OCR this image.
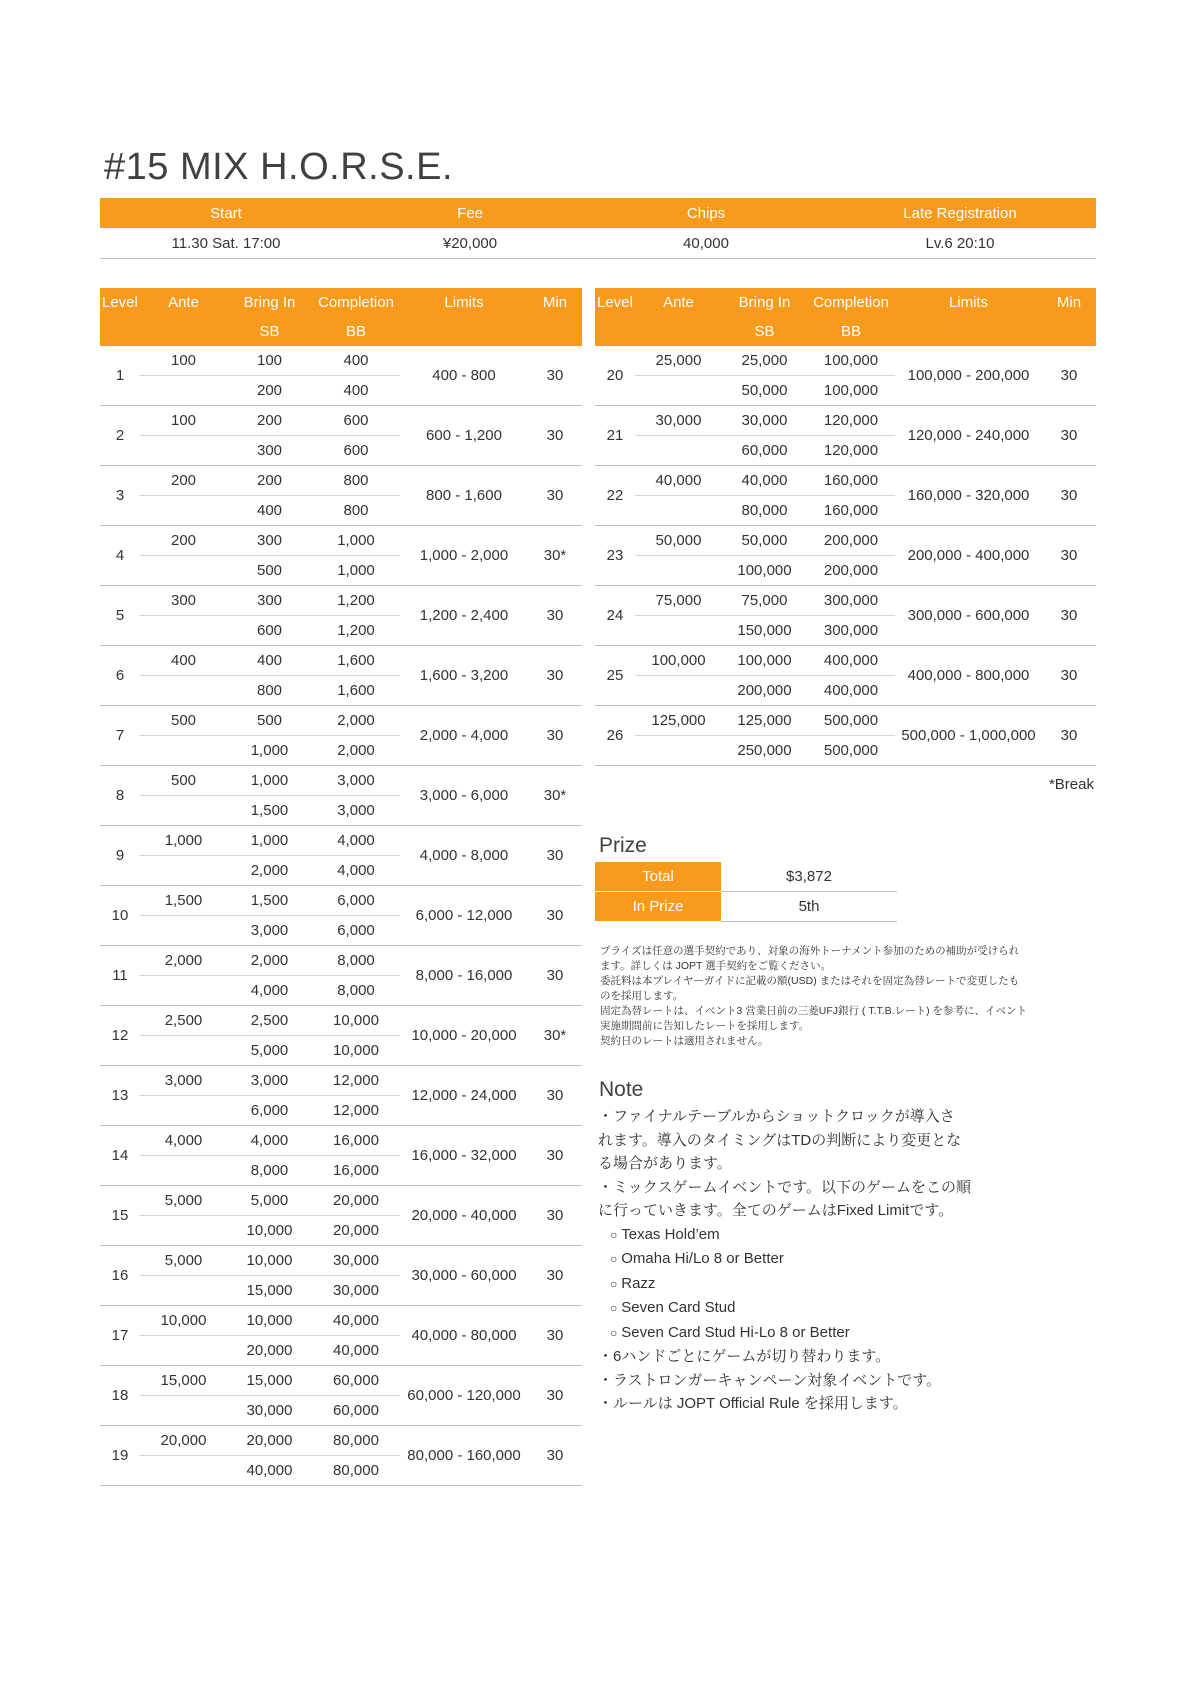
#15 MIX H.O.R.S.E.
Start	Fee	Chips	Late Registration
11.30 Sat. 17:00	¥20,000	40,000	Lv.6 20:10
Level	Ante	Bring In	Completion	Limits	Min
		SB	BB		
1	100	100	400	400 - 800	30
		200	400		
2	100	200	600	600 - 1,200	30
		300	600		
3	200	200	800	800 - 1,600	30
		400	800		
4	200	300	1,000	1,000 - 2,000	30*
		500	1,000		
5	300	300	1,200	1,200 - 2,400	30
		600	1,200		
6	400	400	1,600	1,600 - 3,200	30
		800	1,600		
7	500	500	2,000	2,000 - 4,000	30
		1,000	2,000		
8	500	1,000	3,000	3,000 - 6,000	30*
		1,500	3,000		
9	1,000	1,000	4,000	4,000 - 8,000	30
		2,000	4,000		
10	1,500	1,500	6,000	6,000 - 12,000	30
		3,000	6,000		
11	2,000	2,000	8,000	8,000 - 16,000	30
		4,000	8,000		
12	2,500	2,500	10,000	10,000 - 20,000	30*
		5,000	10,000		
13	3,000	3,000	12,000	12,000 - 24,000	30
		6,000	12,000		
14	4,000	4,000	16,000	16,000 - 32,000	30
		8,000	16,000		
15	5,000	5,000	20,000	20,000 - 40,000	30
		10,000	20,000		
16	5,000	10,000	30,000	30,000 - 60,000	30
		15,000	30,000		
17	10,000	10,000	40,000	40,000 - 80,000	30
		20,000	40,000		
18	15,000	15,000	60,000	60,000 - 120,000	30
		30,000	60,000		
19	20,000	20,000	80,000	80,000 - 160,000	30
		40,000	80,000		
Level	Ante	Bring In	Completion	Limits	Min
		SB	BB		
20	25,000	25,000	100,000	100,000 - 200,000	30
		50,000	100,000		
21	30,000	30,000	120,000	120,000 - 240,000	30
		60,000	120,000		
22	40,000	40,000	160,000	160,000 - 320,000	30
		80,000	160,000		
23	50,000	50,000	200,000	200,000 - 400,000	30
		100,000	200,000		
24	75,000	75,000	300,000	300,000 - 600,000	30
		150,000	300,000		
25	100,000	100,000	400,000	400,000 - 800,000	30
		200,000	400,000		
26	125,000	125,000	500,000	500,000 - 1,000,000	30
		250,000	500,000		
*Break
Prize
Total	$3,872
In Prize	5th
プライズは任意の選手契約であり、対象の海外トーナメント参加のための補助が受けられ
ます。詳しくは JOPT 選手契約をご覧ください。
委託料は本プレイヤーガイドに記載の額(USD) またはそれを固定為替レートで変更したも
のを採用します。
固定為替レートは、イベント3 営業日前の三菱UFJ銀行 ( T.T.B.レート) を参考に、イベント
実施期間前に告知したレートを採用します。
契約日のレートは適用されません。
Note
・ファイナルテーブルからショットクロックが導入さ
れます。導入のタイミングはTDの判断により変更とな
る場合があります。
・ミックスゲームイベントです。以下のゲームをこの順
に行っていきます。全てのゲームはFixed Limitです。
○ Texas Hold’em
○ Omaha Hi/Lo 8 or Better
○ Razz
○ Seven Card Stud
○ Seven Card Stud Hi-Lo 8 or Better
・6ハンドごとにゲームが切り替わります。
・ラストロンガーキャンペーン対象イベントです。
・ルールは JOPT Official Rule を採用します。
